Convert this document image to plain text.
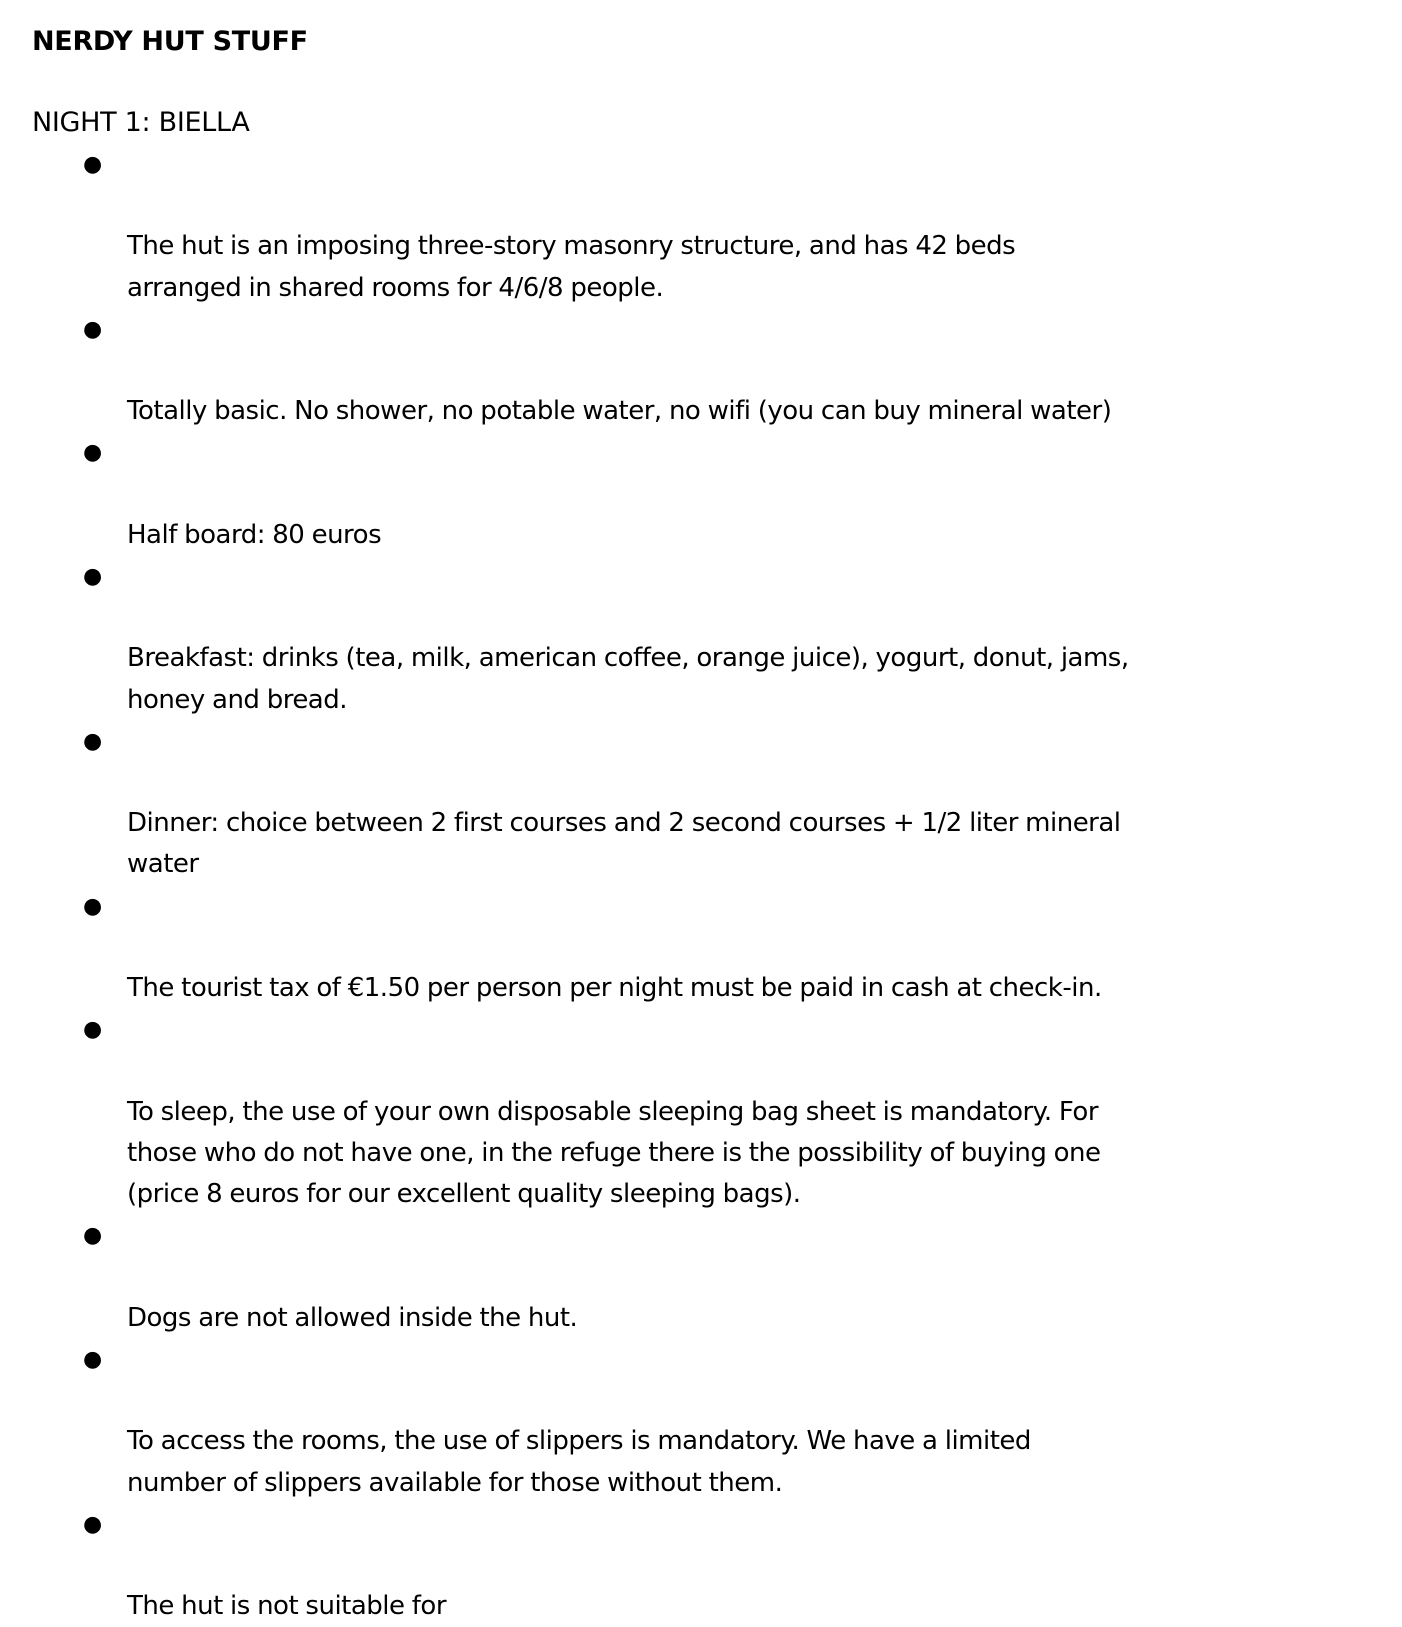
NERDY HUT STUFF
NIGHT 1: BIELLA

●

The hut is an imposing three-story masonry structure, and has 42 beds
arranged in shared rooms for 4/6/8 people.

●

Totally basic. No shower, no potable water, no wifi (you can buy mineral water)

●

Half board: 80 euros

●

Breakfast: drinks (tea, milk, american coffee, orange juice), yogurt, donut, jams,
honey and bread.

●

Dinner: choice between 2 first courses and 2 second courses + 1/2 liter mineral
water

●

The tourist tax of €1.50 per person per night must be paid in cash at check-in.

●

To sleep, the use of your own disposable sleeping bag sheet is mandatory. For
those who do not have one, in the refuge there is the possibility of buying one
(price 8 euros for our excellent quality sleeping bags).

●

Dogs are not allowed inside the hut.

●

To access the rooms, the use of slippers is mandatory. We have a limited
number of slippers available for those without them.

●

The hut is not suitable for
